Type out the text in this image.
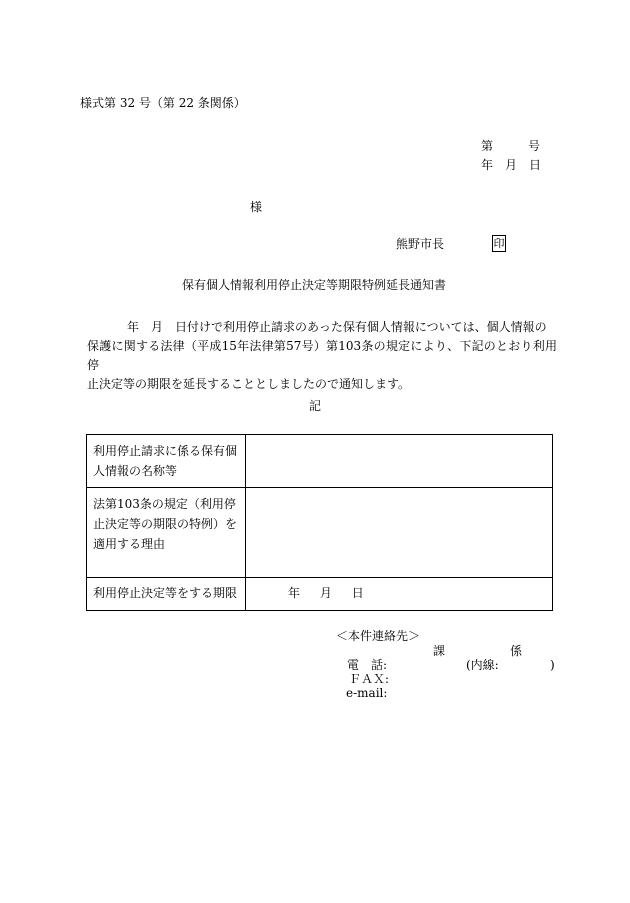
様式第 32 号（第 22 条関係）
第	号
年 月 日
様
熊野市長	印
保有個人情報利用停止決定等期限特例延長通知書
年　月　日付けで利用停止請求のあった保有個人情報については、個人情報の
保護に関する法律（平成15年法律第57号）第103条の規定により、下記のとおり利用停
止決定等の期限を延長することとしましたので通知します。
記
利用停止請求に係る保有個人情報の名称等	
法第103条の規定（利用停止決定等の期限の特例）を適用する理由	
利用停止決定等をする期限	年 月 日
＜本件連絡先＞
課	係
電　話:	(内線:	)
ＦＡＸ:
e-mail:
